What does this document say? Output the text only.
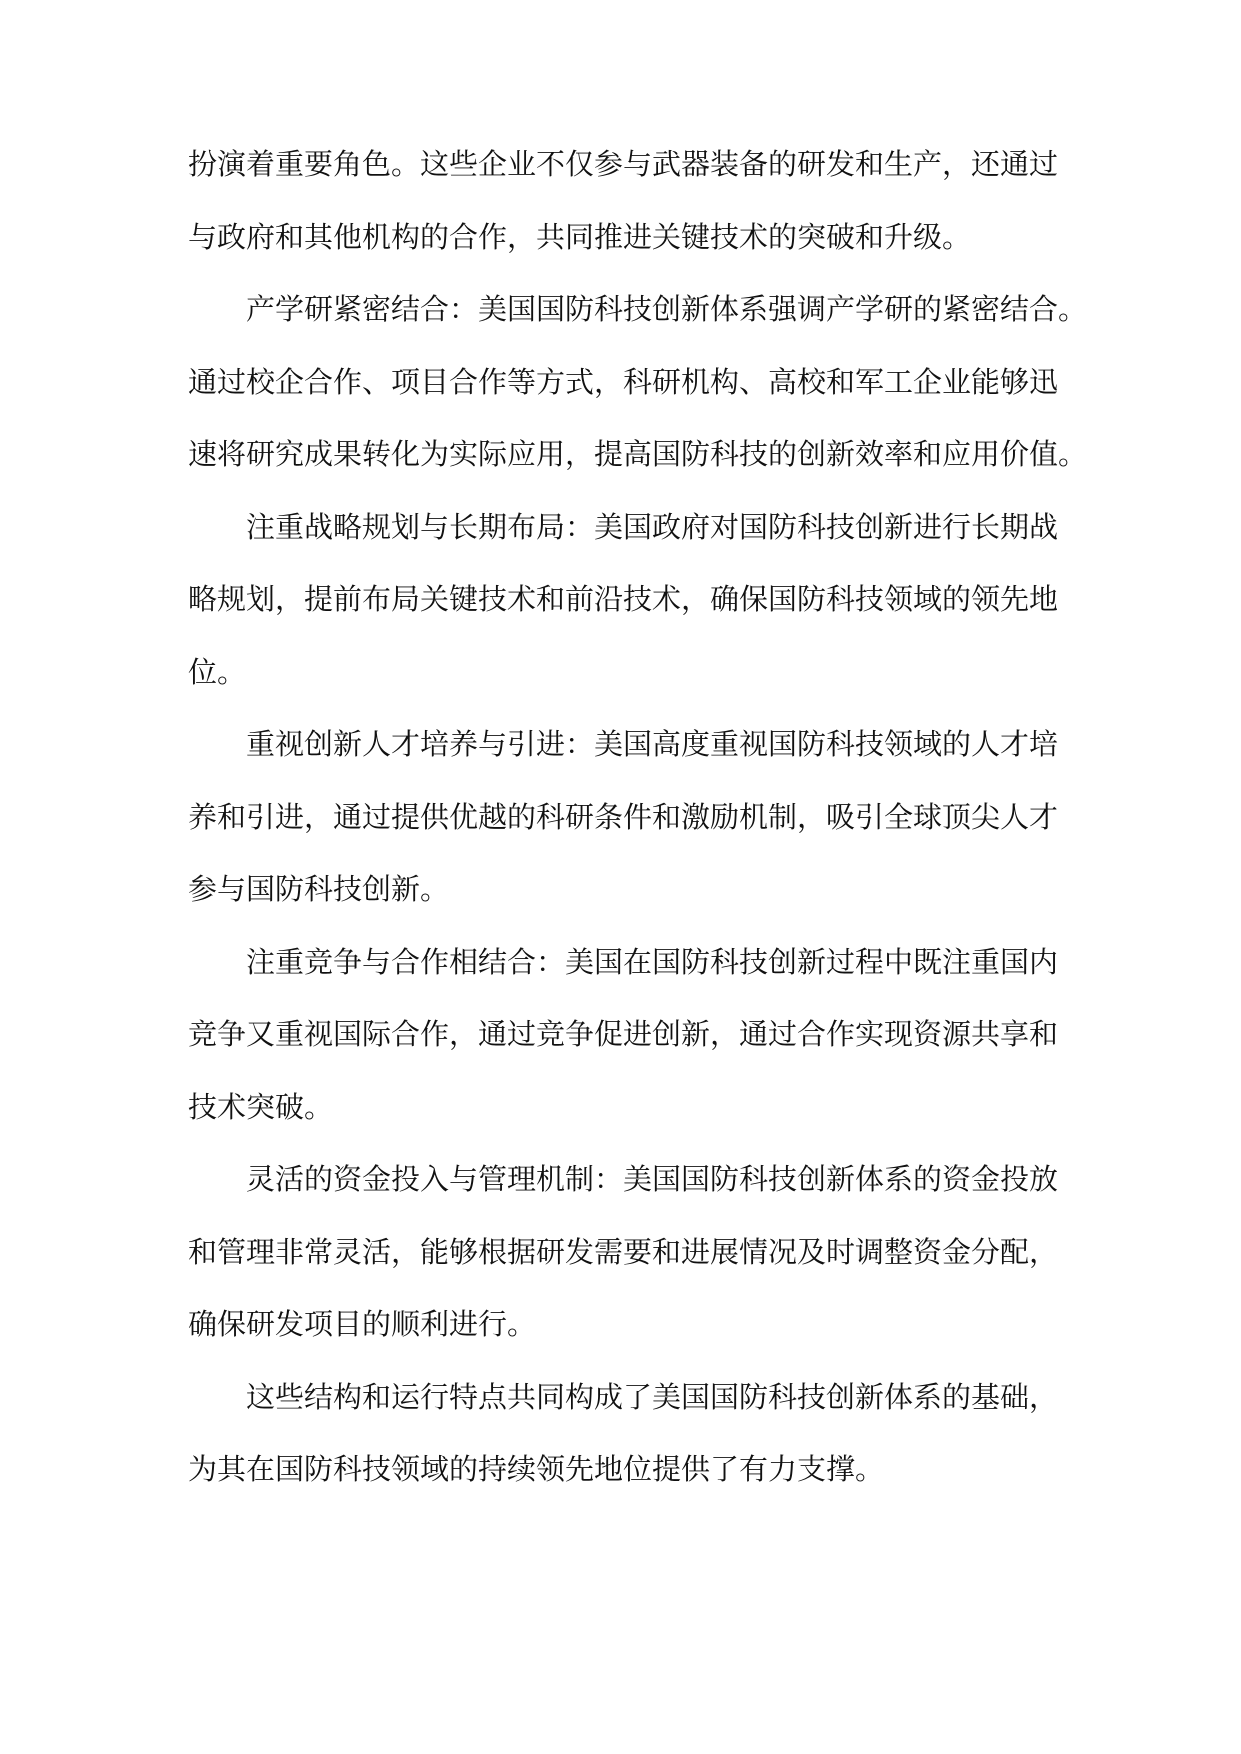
扮演着重要角色。这些企业不仅参与武器装备的研发和生产，还通过

与政府和其他机构的合作，共同推进关键技术的突破和升级。

产学研紧密结合：美国国防科技创新体系强调产学研的紧密结合。

通过校企合作、项目合作等方式，科研机构、高校和军工企业能够迅

速将研究成果转化为实际应用，提高国防科技的创新效率和应用价值。

注重战略规划与长期布局：美国政府对国防科技创新进行长期战

略规划，提前布局关键技术和前沿技术，确保国防科技领域的领先地

位。

重视创新人才培养与引进：美国高度重视国防科技领域的人才培

养和引进，通过提供优越的科研条件和激励机制，吸引全球顶尖人才

参与国防科技创新。

注重竞争与合作相结合：美国在国防科技创新过程中既注重国内

竞争又重视国际合作，通过竞争促进创新，通过合作实现资源共享和

技术突破。

灵活的资金投入与管理机制：美国国防科技创新体系的资金投放

和管理非常灵活，能够根据研发需要和进展情况及时调整资金分配，

确保研发项目的顺利进行。

这些结构和运行特点共同构成了美国国防科技创新体系的基础，

为其在国防科技领域的持续领先地位提供了有力支撑。
